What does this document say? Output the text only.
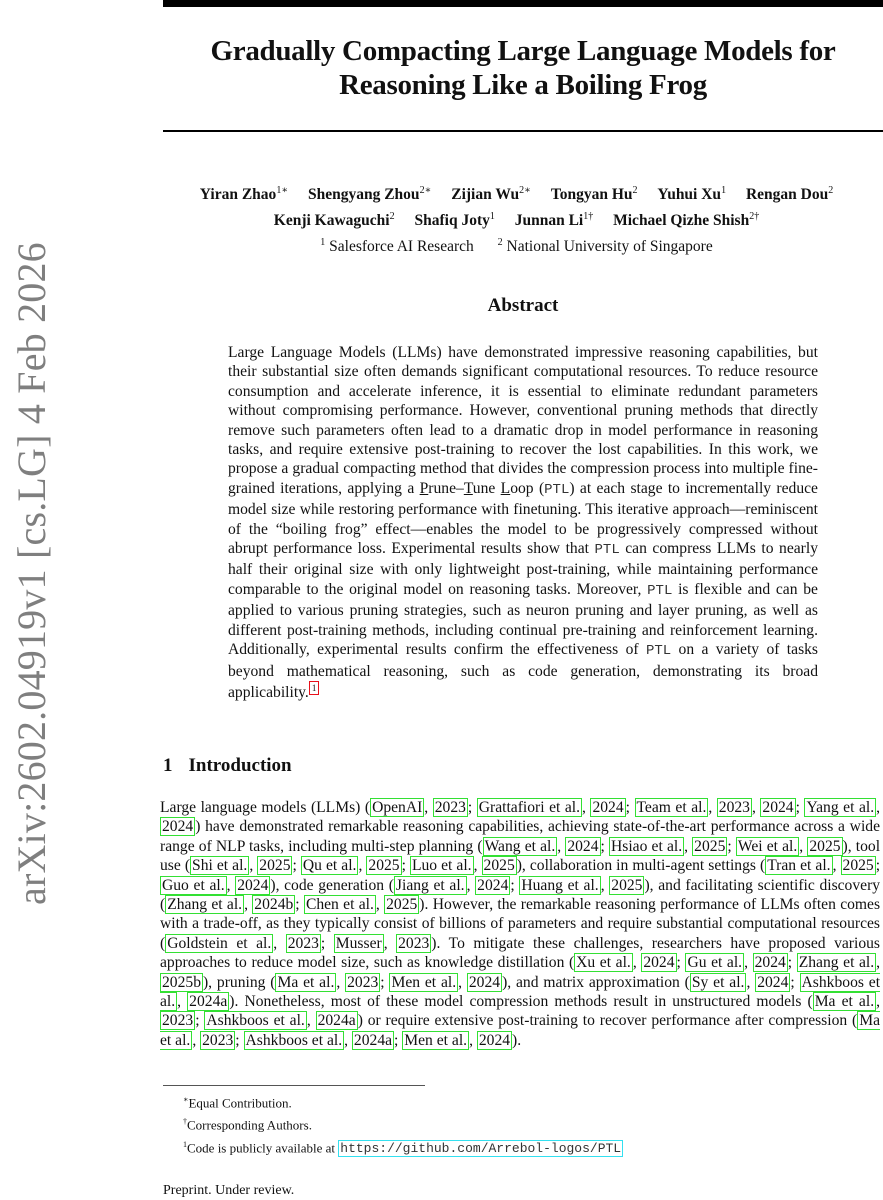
arXiv:2602.04919v1 [cs.LG] 4 Feb 2026
Gradually Compacting Large Language Models for
Reasoning Like a Boiling Frog
Yiran Zhao$^{1∗}$ Shengyang Zhou$^{2∗}$ Zijian $Wu^{2∗}$ Tongyan Hu$^2$ Yuhui Xu$^1$ Rengan Dou$^2$
Kenji Kawaguchi$^2$ Shafiq Joty$^1$ Junnan $Li^{1\dagger}$ Michael Qizhe Shish$^{2\dagger}$
$^1$ Salesforce AI Research $^2$ National University of Singapore
Abstract
Large Language Models (LLMs) have demonstrated impressive reasoning capabilities, but their substantial size often demands significant computational resources. To reduce resource consumption and accelerate inference, it is essential to eliminate redundant parameters without compromising performance. However, conventional pruning methods that directly remove such parameters often lead to a dramatic drop in model performance in reasoning tasks, and require extensive post-training to recover the lost capabilities. In this work, we propose a gradual compacting method that divides the compression process into multiple fine-grained iterations, applying a Prune–Tune Loop (PTL) at each stage to incrementally reduce model size while restoring performance with finetuning. This iterative approach—reminiscent of the “boiling frog” effect—enables the model to be progressively compressed without abrupt performance loss. Experimental results show that PTL can compress LLMs to nearly half their original size with only lightweight post-training, while maintaining performance comparable to the original model on reasoning tasks. Moreover, PTL is flexible and can be applied to various pruning strategies, such as neuron pruning and layer pruning, as well as different post-training methods, including continual pre-training and reinforcement learning. Additionally, experimental results confirm the effectiveness of PTL on a variety of tasks beyond mathematical reasoning, such as code generation, demonstrating its broad applicability. 1
1 Introduction
Large language models (LLMs) ( OpenAI , 2023 ; Grattafiori et al. , 2024 ; Team et al. , 2023 , 2024 ; Yang et al. , 2024 ) have demonstrated remarkable reasoning capabilities, achieving state-of-the-art performance across a wide range of NLP tasks, including multi-step planning ( Wang et al. , 2024 ; Hsiao et al. , 2025 ; Wei et al. , 2025 ), tool use ( Shi et al. , 2025 ; Qu et al. , 2025 ; Luo et al. , 2025 ), collaboration in multi-agent settings ( Tran et al. , 2025 ; Guo et al. , 2024 ), code generation ( Jiang et al. , 2024 ; Huang et al. , 2025 ), and facilitating scientific discovery ( Zhang et al. , 2024b ; Chen et al. , 2025 ). However, the remarkable reasoning performance of LLMs often comes with a trade-off, as they typically consist of billions of parameters and require substantial computational resources ( Goldstein et al. , 2023 ; Musser , 2023 ). To mitigate these challenges, researchers have proposed various approaches to reduce model size, such as knowledge distillation ( Xu et al. , 2024 ; Gu et al. , 2024 ; Zhang et al. , 2025b ), pruning ( Ma et al. , 2023 ; Men et al. , 2024 ), and matrix approximation ( Sy et al. , 2024 ; Ashkboos et al. , 2024a ). Nonetheless, most of these model compression methods result in unstructured models ( Ma et al. , 2023 ; Ashkboos et al. , 2024a ) or require extensive post-training to recover performance after compression ( Ma et al. , 2023 ; Ashkboos et al. , 2024a ; Men et al. , 2024 ).
∗Equal Contribution.
†Corresponding Authors.
$^1$Code is publicly available at https://github.com/Arrebol-logos/PTL
Preprint. Under review.
